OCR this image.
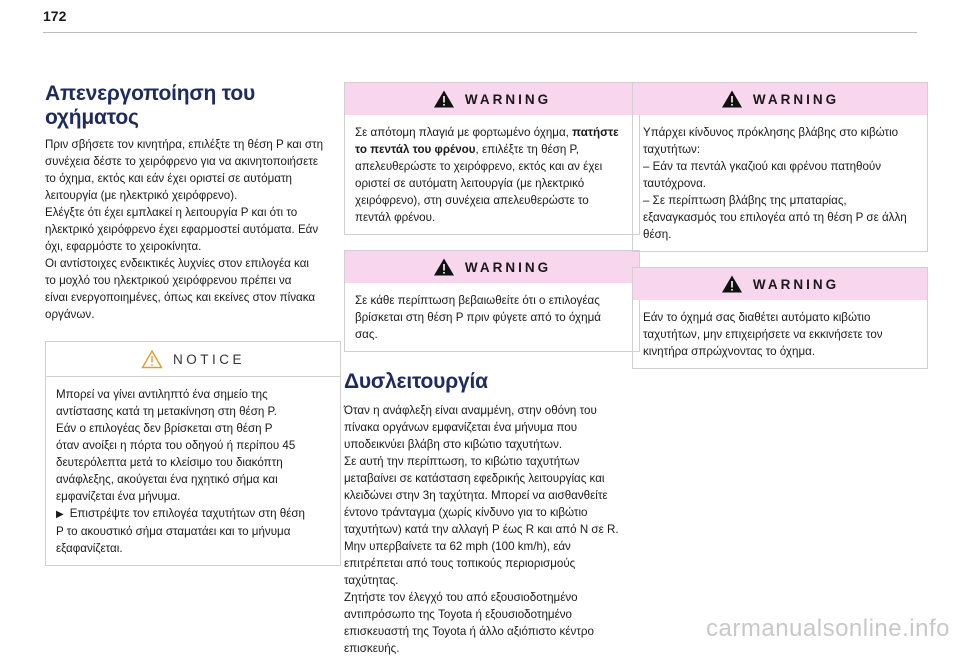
172
Απενεργοποίηση του οχήματος

Πριν σβήσετε τον κινητήρα, επιλέξτε τη θέση P και στη

συνέχεια δέστε το χειρόφρενο για να ακινητοποιήσετε

το όχημα, εκτός και εάν έχει οριστεί σε αυτόματη

λειτουργία (με ηλεκτρικό χειρόφρενο).

Ελέγξτε ότι έχει εμπλακεί η λειτουργία P και ότι το

ηλεκτρικό χειρόφρενο έχει εφαρμοστεί αυτόματα. Εάν

όχι, εφαρμόστε το χειροκίνητα.

Οι αντίστοιχες ενδεικτικές λυχνίες στον επιλογέα και

το μοχλό του ηλεκτρικού χειρόφρενου πρέπει να

είναι ενεργοποιημένες, όπως και εκείνες στον πίνακα

οργάνων.

NOTICE

Μπορεί να γίνει αντιληπτό ένα σημείο της

αντίστασης κατά τη μετακίνηση στη θέση P.

Εάν ο επιλογέας δεν βρίσκεται στη θέση P

όταν ανοίξει η πόρτα του οδηγού ή περίπου 45

δευτερόλεπτα μετά το κλείσιμο του διακόπτη

ανάφλεξης, ακούγεται ένα ηχητικό σήμα και

εμφανίζεται ένα μήνυμα.

▶ Επιστρέψτε τον επιλογέα ταχυτήτων στη θέση

P το ακουστικό σήμα σταματάει και το μήνυμα

εξαφανίζεται.

WARNING

Σε απότομη πλαγιά με φορτωμένο όχημα, πατήστε

το πεντάλ του φρένου, επιλέξτε τη θέση P,

απελευθερώστε το χειρόφρενο, εκτός και αν έχει

οριστεί σε αυτόματη λειτουργία (με ηλεκτρικό

χειρόφρενο), στη συνέχεια απελευθερώστε το

πεντάλ φρένου.

WARNING

Σε κάθε περίπτωση βεβαιωθείτε ότι ο επιλογέας

βρίσκεται στη θέση P πριν φύγετε από το όχημά

σας.

Δυσλειτουργία

Όταν η ανάφλεξη είναι αναμμένη, στην οθόνη του

πίνακα οργάνων εμφανίζεται ένα μήνυμα που

υποδεικνύει βλάβη στο κιβώτιο ταχυτήτων.

Σε αυτή την περίπτωση, το κιβώτιο ταχυτήτων

μεταβαίνει σε κατάσταση εφεδρικής λειτουργίας και

κλειδώνει στην 3η ταχύτητα. Μπορεί να αισθανθείτε

έντονο τράνταγμα (χωρίς κίνδυνο για το κιβώτιο

ταχυτήτων) κατά την αλλαγή P έως R και από N σε R.

Μην υπερβαίνετε τα 62 mph (100 km/h), εάν

επιτρέπεται από τους τοπικούς περιορισμούς

ταχύτητας.

Ζητήστε τον έλεγχό του από εξουσιοδοτημένο

αντιπρόσωπο της Toyota ή εξουσιοδοτημένο

επισκευαστή της Toyota ή άλλο αξιόπιστο κέντρο

επισκευής.

WARNING

Υπάρχει κίνδυνος πρόκλησης βλάβης στο κιβώτιο

ταχυτήτων:

– Εάν τα πεντάλ γκαζιού και φρένου πατηθούν

ταυτόχρονα.

– Σε περίπτωση βλάβης της μπαταρίας,

εξαναγκασμός του επιλογέα από τη θέση P σε άλλη

θέση.

WARNING

Εάν το όχημά σας διαθέτει αυτόματο κιβώτιο

ταχυτήτων, μην επιχειρήσετε να εκκινήσετε τον

κινητήρα σπρώχνοντας το όχημα.

carmanualsonline.info
